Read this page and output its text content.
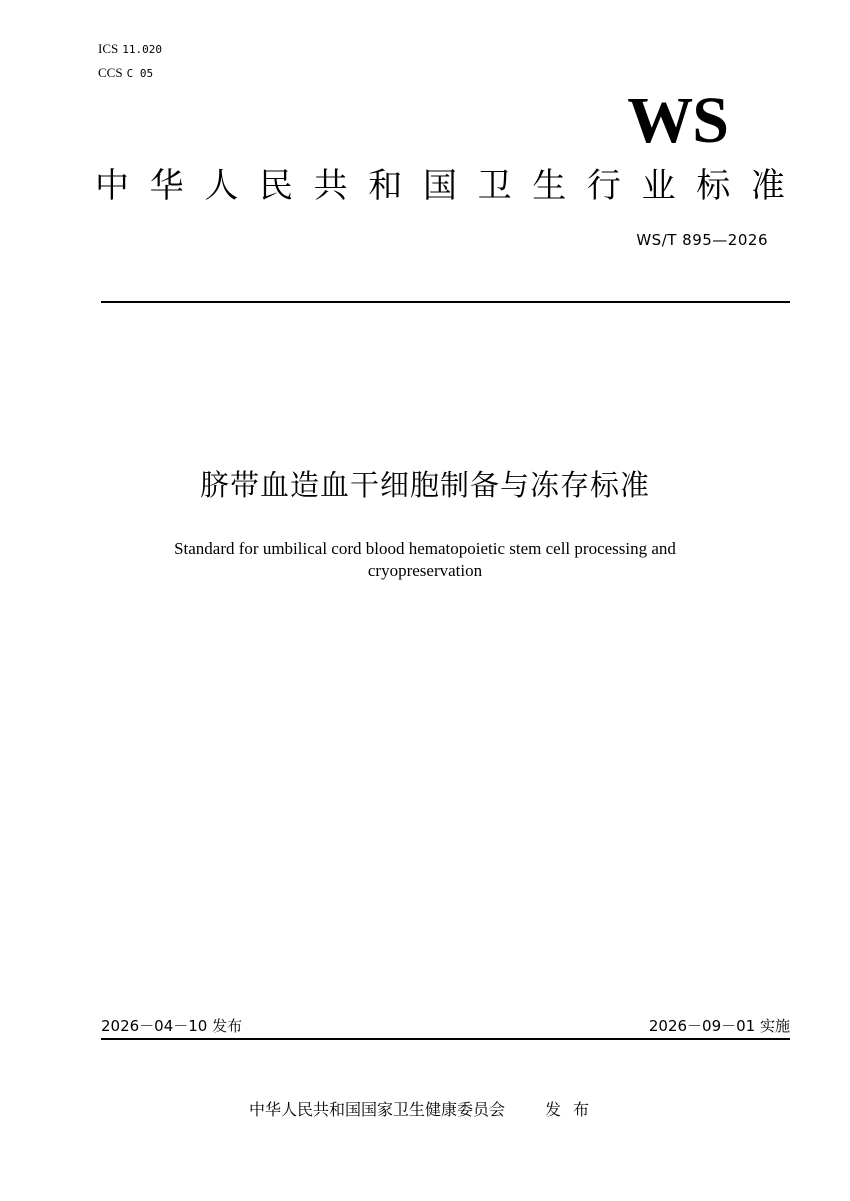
ICS 11.020
CCS C 05
WS
中 华 人 民 共 和 国 卫 生 行 业 标 准
WS/T 895—2026
脐带血造血干细胞制备与冻存标准
Standard for umbilical cord blood hematopoietic stem cell processing and
cryopreservation
2026－04－10 发布	2026－09－01 实施
中华人民共和国国家卫生健康委员会	发布
